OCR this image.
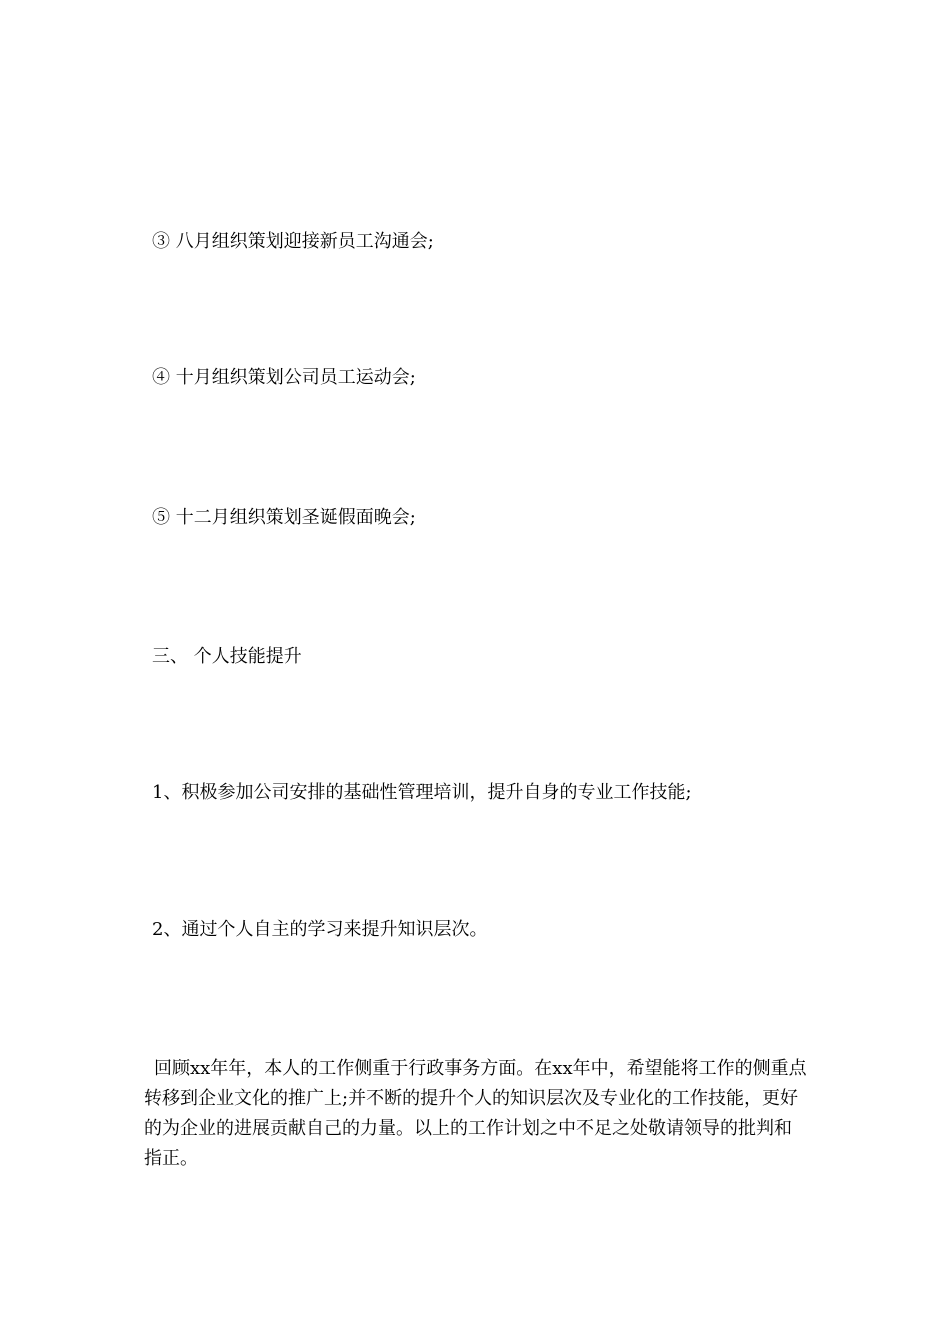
③ 八月组织策划迎接新员工沟通会;

④ 十月组织策划公司员工运动会;

⑤ 十二月组织策划圣诞假面晚会;

三、 个人技能提升

1、积极参加公司安排的基础性管理培训，提升自身的专业工作技能;

2、通过个人自主的学习来提升知识层次。

回顾xx年年，本人的工作侧重于行政事务方面。在xx年中，希望能将工作的侧重点转移到企业文化的推广上;并不断的提升个人的知识层次及专业化的工作技能，更好的为企业的进展贡献自己的力量。以上的工作计划之中不足之处敬请领导的批判和指正。
